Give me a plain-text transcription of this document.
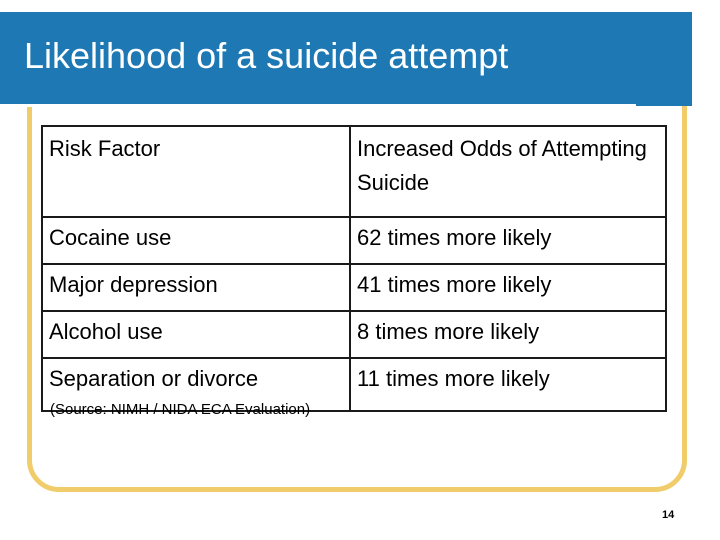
Likelihood of a suicide attempt
Risk Factor	Increased Odds of Attempting Suicide
Cocaine use	62 times more likely
Major depression	41 times more likely
Alcohol use	8 times more likely
Separation or divorce	11 times more likely

(Source: NIMH / NIDA ECA Evaluation)

14
